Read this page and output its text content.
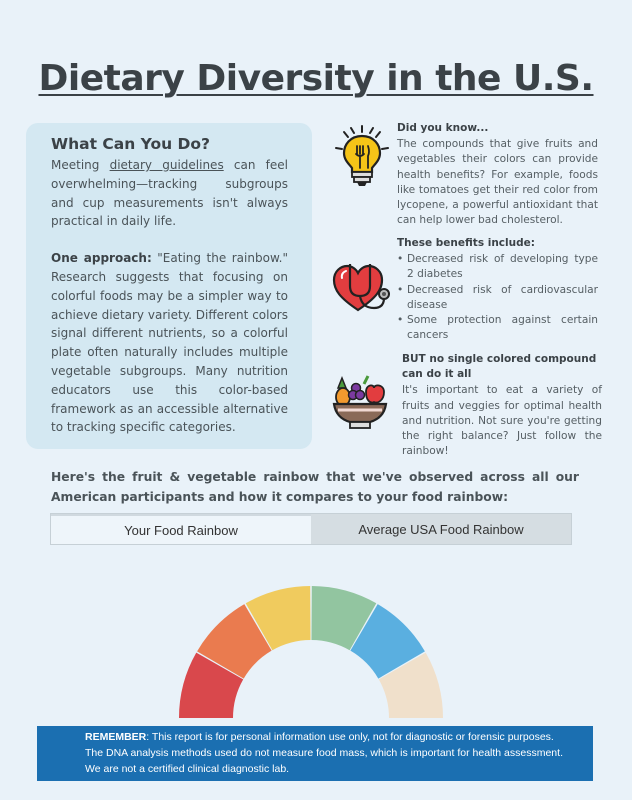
Dietary Diversity in the U.S.
What Can You Do?

Meeting dietary guidelines can feel overwhelming—tracking subgroups and cup measurements isn't always practical in daily life.

One approach: "Eating the rainbow." Research suggests that focusing on colorful foods may be a simpler way to achieve dietary variety. Different colors signal different nutrients, so a colorful plate often naturally includes multiple vegetable subgroups. Many nutrition educators use this color-based framework as an accessible alternative to tracking specific categories.

Did you know...

The compounds that give fruits and vegetables their colors can provide health benefits? For example, foods like tomatoes get their red color from lycopene, a powerful antioxidant that can help lower bad cholesterol.

These benefits include:
• Decreased risk of developing type 2 diabetes
• Decreased risk of cardiovascular disease
• Some protection against certain cancers
BUT no single colored compound can do it all

It's important to eat a variety of fruits and veggies for optimal health and nutrition. Not sure you're getting the right balance? Just follow the rainbow!

Here's the fruit & vegetable rainbow that we've observed across all our American participants and how it compares to your food rainbow:
Your Food Rainbow	Average USA Food Rainbow
REMEMBER: This report is for personal information use only, not for diagnostic or forensic purposes. The DNA analysis methods used do not measure food mass, which is important for health assessment. We are not a certified clinical diagnostic lab.
